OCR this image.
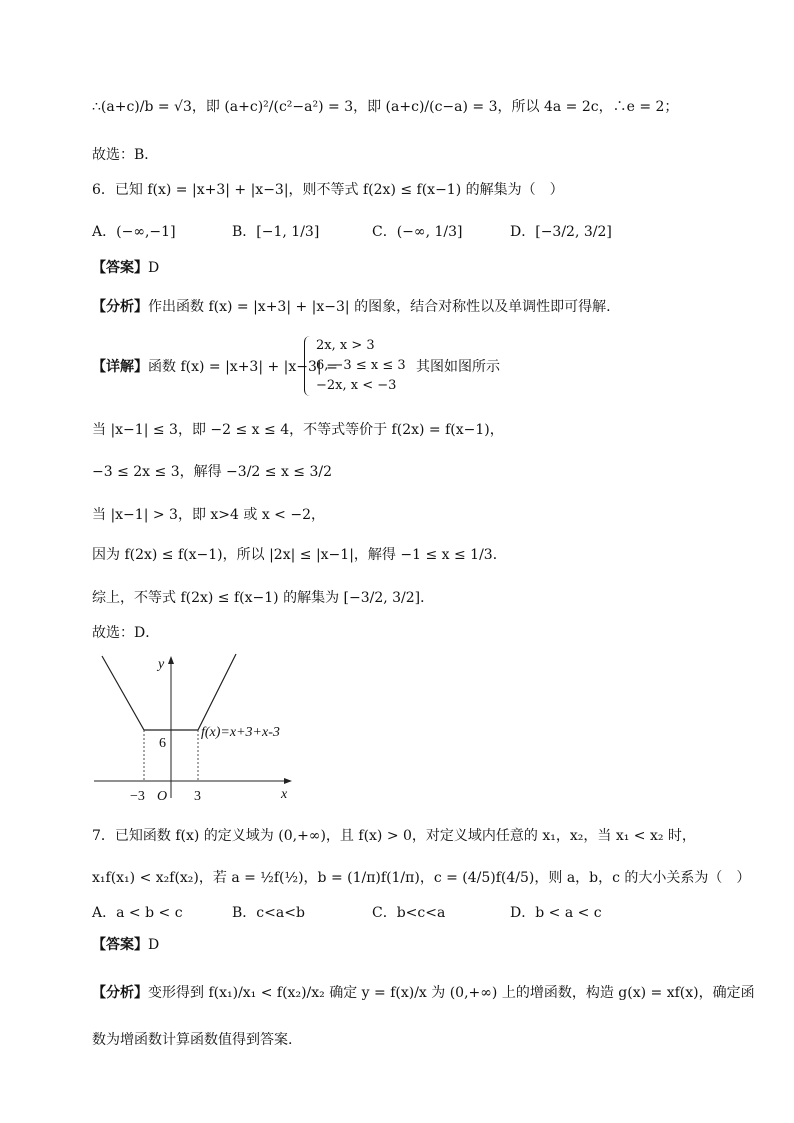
∴(a+c)/b = √3，即 (a+c)²/(c²−a²) = 3，即 (a+c)/(c−a) = 3，所以 4a = 2c，∴e = 2；
故选：B．
6．已知 f(x) = |x+3| + |x−3|，则不等式 f(2x) ≤ f(x−1) 的解集为（　）
A．(−∞,−1]	B．[−1, 1/3]	C．(−∞, 1/3]	D．[−3/2, 3/2]
【答案】D
【分析】作出函数 f(x) = |x+3| + |x−3| 的图象，结合对称性以及单调性即可得解.
【详解】函数 f(x) = |x+3| + |x−3| =
2x, x > 3
6, −3 ≤ x ≤ 3
−2x, x < −3
其图如图所示
当 |x−1| ≤ 3，即 −2 ≤ x ≤ 4，不等式等价于 f(2x) = f(x−1)，
−3 ≤ 2x ≤ 3，解得 −3/2 ≤ x ≤ 3/2
当 |x−1| > 3，即 x>4 或 x < −2，
因为 f(2x) ≤ f(x−1)，所以 |2x| ≤ |x−1|，解得 −1 ≤ x ≤ 1/3．
综上，不等式 f(2x) ≤ f(x−1) 的解集为 [−3/2, 3/2]．
故选：D．
y
x
O
−3	3
6
f(x)=x+3+x-3
7．已知函数 f(x) 的定义域为 (0,+∞)，且 f(x) > 0，对定义域内任意的 x₁，x₂，当 x₁ < x₂ 时，
x₁f(x₁) < x₂f(x₂)，若 a = ½f(½)，b = (1/π)f(1/π)，c = (4/5)f(4/5)，则 a，b，c 的大小关系为（　）
A．a < b < c	B．c<a<b	C．b<c<a	D．b < a < c
【答案】D
【分析】变形得到 f(x₁)/x₁ < f(x₂)/x₂ 确定 y = f(x)/x 为 (0,+∞) 上的增函数，构造 g(x) = xf(x)，确定函
数为增函数计算函数值得到答案.
